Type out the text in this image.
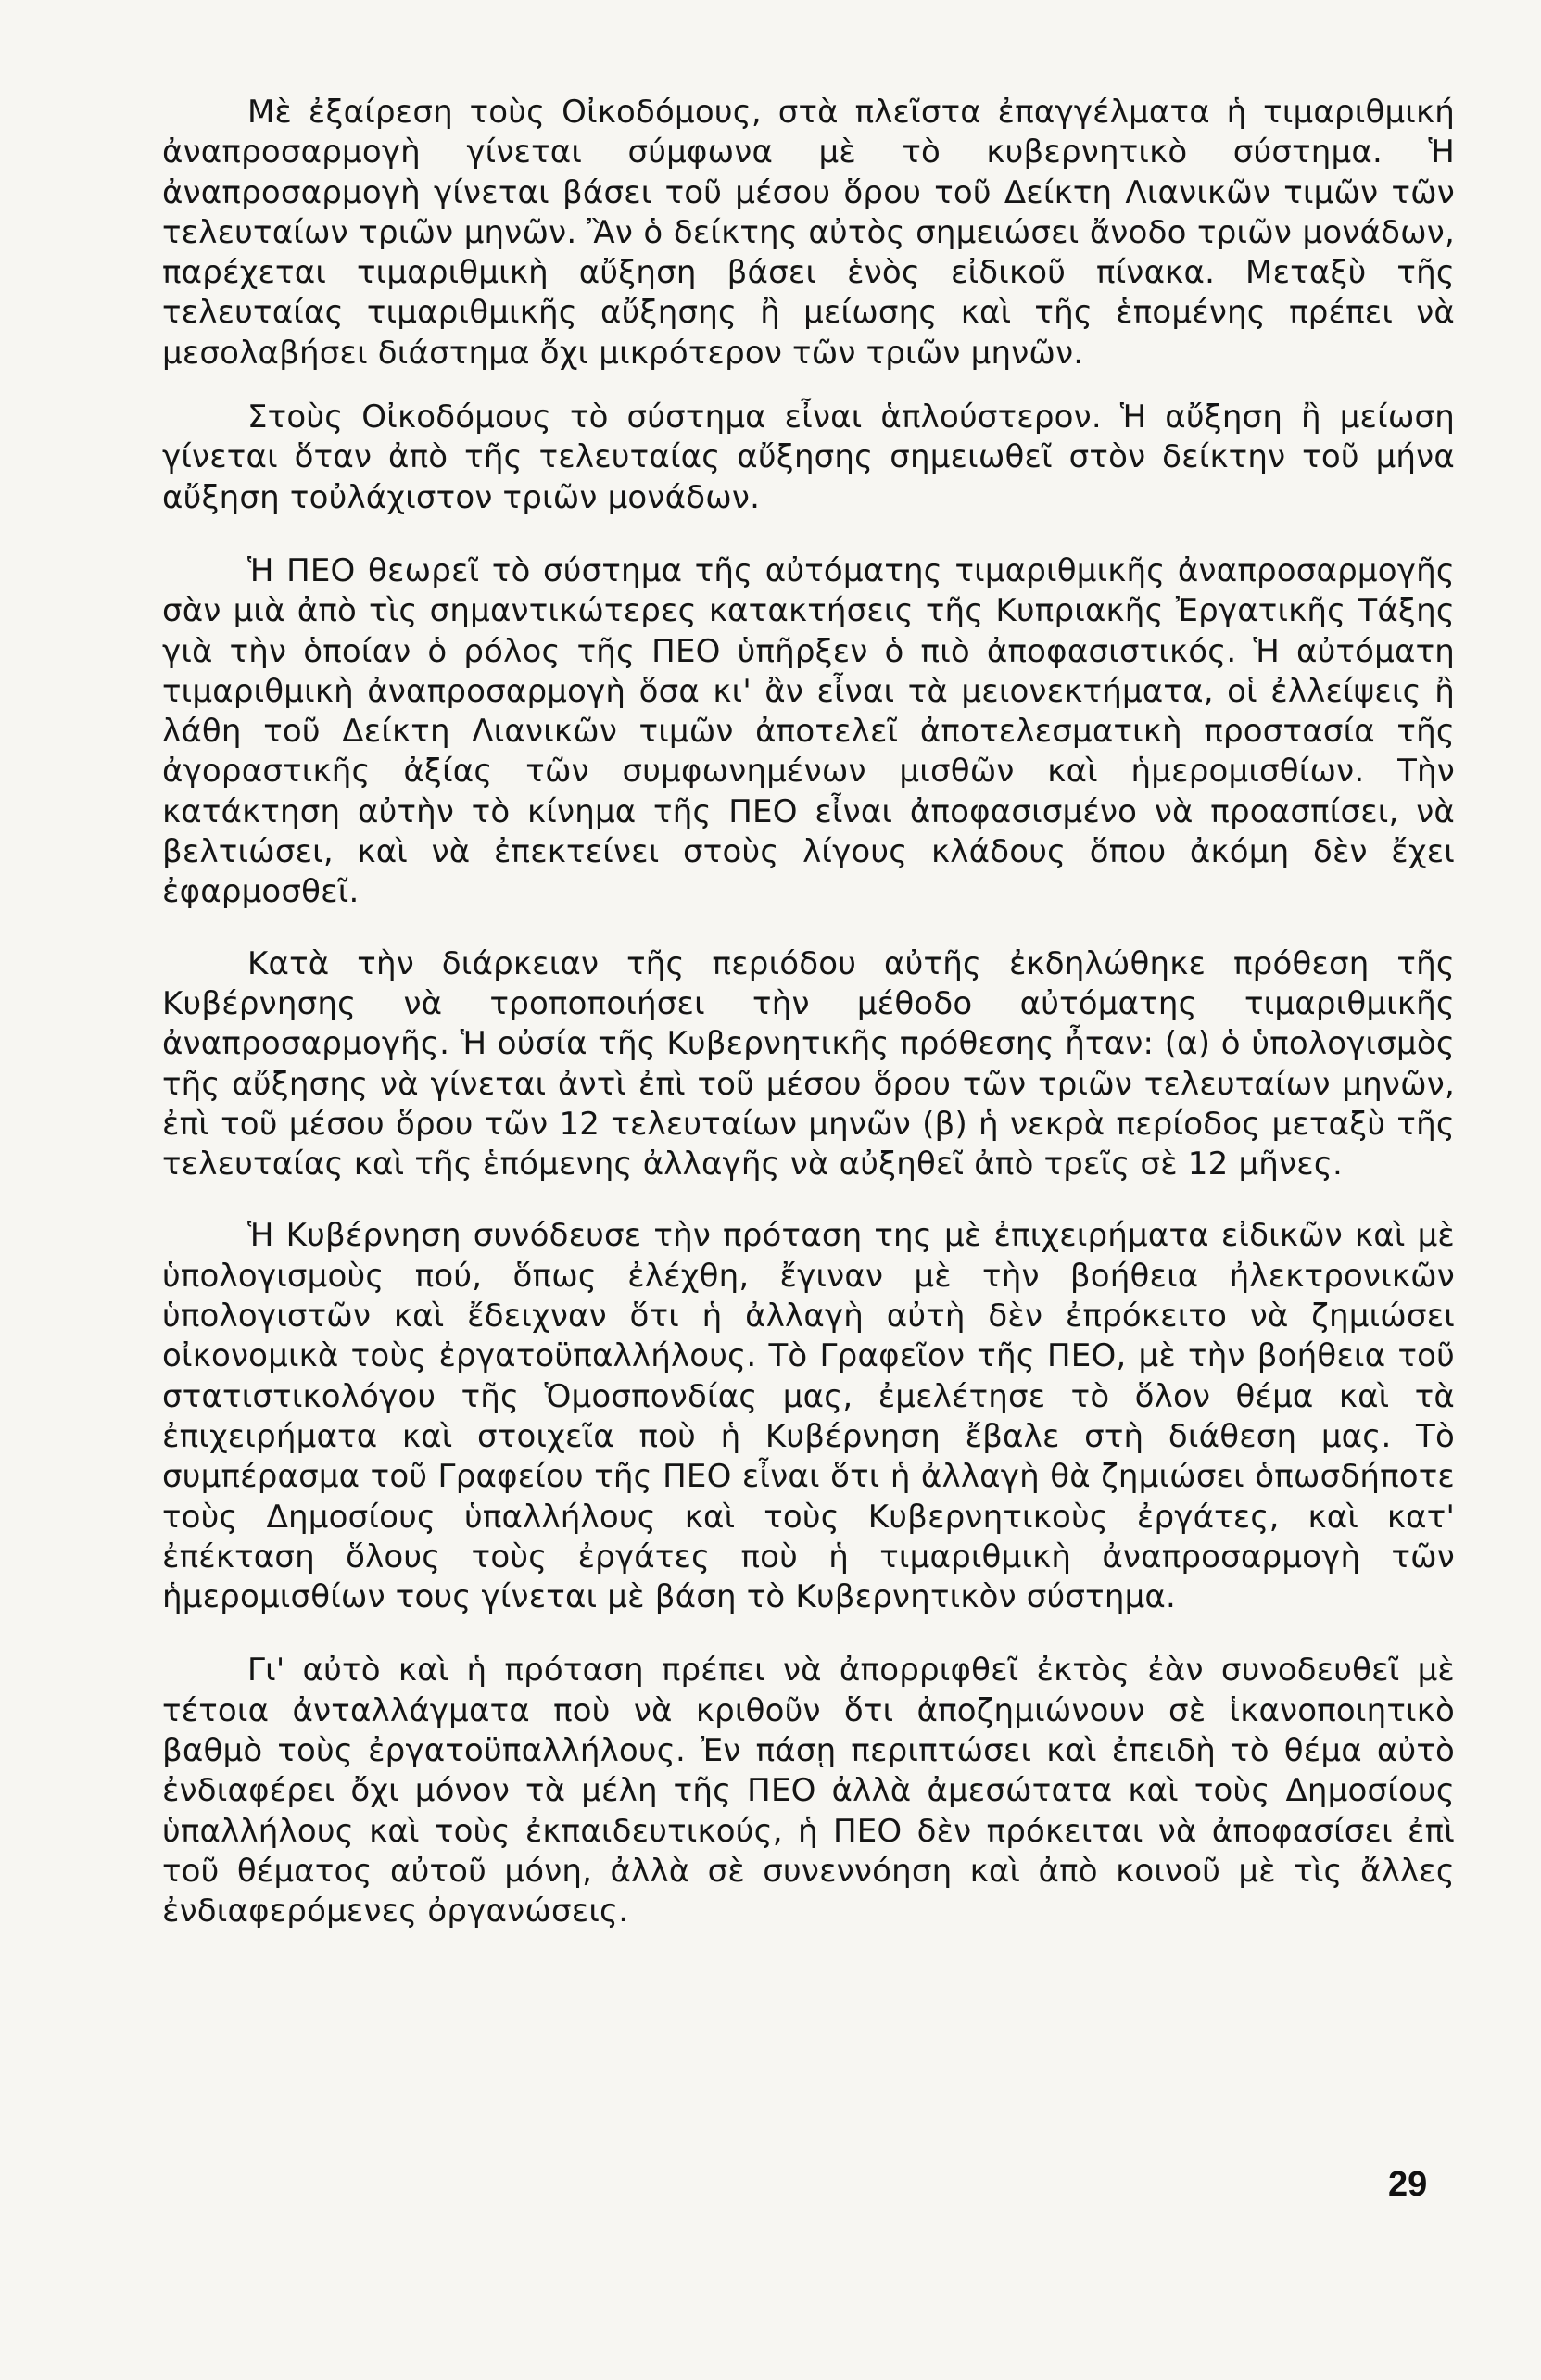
Μὲ ἐξαίρεση τοὺς Οἰκοδόμους, στὰ πλεῖστα ἐπαγγέλματα ἡ τιμαριθμική ἀναπροσαρμογὴ γίνεται σύμφωνα μὲ τὸ κυβερνητικὸ σύστημα. Ἡ ἀναπροσαρμογὴ γίνεται βάσει τοῦ μέσου ὅρου τοῦ Δείκτη Λιανικῶν τιμῶν τῶν τελευταίων τριῶν μηνῶν. Ἂν ὁ δείκτης αὐτὸς σημειώσει ἄνοδο τριῶν μονάδων, παρέχεται τιμαριθμικὴ αὔξηση βάσει ἑνὸς εἰδικοῦ πίνακα. Μεταξὺ τῆς τελευταίας τιμαριθμικῆς αὔξησης ἢ μείωσης καὶ τῆς ἑπομένης πρέπει νὰ μεσολαβήσει διάστημα ὄχι μικρότερον τῶν τριῶν μηνῶν.

Στοὺς Οἰκοδόμους τὸ σύστημα εἶναι ἁπλούστερον. Ἡ αὔξηση ἢ μείωση γίνεται ὅταν ἀπὸ τῆς τελευταίας αὔξησης σημειωθεῖ στὸν δείκτην τοῦ μήνα αὔξηση τοὐλάχιστον τριῶν μονάδων.

Ἡ ΠΕΟ θεωρεῖ τὸ σύστημα τῆς αὐτόματης τιμαριθμικῆς ἀναπροσαρμογῆς σὰν μιὰ ἀπὸ τὶς σημαντικώτερες κατακτήσεις τῆς Κυπριακῆς Ἐργατικῆς Τάξης γιὰ τὴν ὁποίαν ὁ ρόλος τῆς ΠΕΟ ὑπῆρξεν ὁ πιὸ ἀποφασιστικός. Ἡ αὐτόματη τιμαριθμικὴ ἀναπροσαρμογὴ ὅσα κι' ἂν εἶναι τὰ μειονεκτήματα, οἱ ἐλλείψεις ἢ λάθη τοῦ Δείκτη Λιανικῶν τιμῶν ἀποτελεῖ ἀποτελεσματικὴ προστασία τῆς ἀγοραστικῆς ἀξίας τῶν συμφωνημένων μισθῶν καὶ ἡμερομισθίων. Τὴν κατάκτηση αὐτὴν τὸ κίνημα τῆς ΠΕΟ εἶναι ἀποφασισμένο νὰ προασπίσει, νὰ βελτιώσει, καὶ νὰ ἐπεκτείνει στοὺς λίγους κλάδους ὅπου ἀκόμη δὲν ἔχει ἐφαρμοσθεῖ.

Κατὰ τὴν διάρκειαν τῆς περιόδου αὐτῆς ἐκδηλώθηκε πρόθεση τῆς Κυβέρνησης νὰ τροποποιήσει τὴν μέθοδο αὐτόματης τιμαριθμικῆς ἀναπροσαρμογῆς. Ἡ οὐσία τῆς Κυβερνητικῆς πρόθεσης ἦταν: (α) ὁ ὑπολογισμὸς τῆς αὔξησης νὰ γίνεται ἀντὶ ἐπὶ τοῦ μέσου ὅρου τῶν τριῶν τελευταίων μηνῶν, ἐπὶ τοῦ μέσου ὅρου τῶν 12 τελευταίων μηνῶν (β) ἡ νεκρὰ περίοδος μεταξὺ τῆς τελευταίας καὶ τῆς ἑπόμενης ἀλλαγῆς νὰ αὐξηθεῖ ἀπὸ τρεῖς σὲ 12 μῆνες.

Ἡ Κυβέρνηση συνόδευσε τὴν πρόταση της μὲ ἐπιχειρήματα εἰδικῶν καὶ μὲ ὑπολογισμοὺς πού, ὅπως ἐλέχθη, ἔγιναν μὲ τὴν βοήθεια ἠλεκτρονικῶν ὑπολογιστῶν καὶ ἔδειχναν ὅτι ἡ ἀλλαγὴ αὐτὴ δὲν ἐπρόκειτο νὰ ζημιώσει οἰκονομικὰ τοὺς ἐργατοϋπαλλήλους. Τὸ Γραφεῖον τῆς ΠΕΟ, μὲ τὴν βοήθεια τοῦ στατιστικολόγου τῆς Ὁμοσπονδίας μας, ἐμελέτησε τὸ ὅλον θέμα καὶ τὰ ἐπιχειρήματα καὶ στοιχεῖα ποὺ ἡ Κυβέρνηση ἔβαλε στὴ διάθεση μας. Τὸ συμπέρασμα τοῦ Γραφείου τῆς ΠΕΟ εἶναι ὅτι ἡ ἀλλαγὴ θὰ ζημιώσει ὁπωσδήποτε τοὺς Δημοσίους ὑπαλλήλους καὶ τοὺς Κυβερνητικοὺς ἐργάτες, καὶ κατ' ἐπέκταση ὅλους τοὺς ἐργάτες ποὺ ἡ τιμαριθμικὴ ἀναπροσαρμογὴ τῶν ἡμερομισθίων τους γίνεται μὲ βάση τὸ Κυβερνητικὸν σύστημα.

Γι' αὐτὸ καὶ ἡ πρόταση πρέπει νὰ ἀπορριφθεῖ ἐκτὸς ἐὰν συνοδευθεῖ μὲ τέτοια ἀνταλλάγματα ποὺ νὰ κριθοῦν ὅτι ἀποζημιώνουν σὲ ἱκανοποιητικὸ βαθμὸ τοὺς ἐργατοϋπαλλήλους. Ἐν πάσῃ περιπτώσει καὶ ἐπειδὴ τὸ θέμα αὐτὸ ἐνδιαφέρει ὄχι μόνον τὰ μέλη τῆς ΠΕΟ ἀλλὰ ἀμεσώτατα καὶ τοὺς Δημοσίους ὑπαλλήλους καὶ τοὺς ἐκπαιδευτικούς, ἡ ΠΕΟ δὲν πρόκειται νὰ ἀποφασίσει ἐπὶ τοῦ θέματος αὐτοῦ μόνη, ἀλλὰ σὲ συνεννόηση καὶ ἀπὸ κοινοῦ μὲ τὶς ἄλλες ἐνδιαφερόμενες ὀργανώσεις.

29
